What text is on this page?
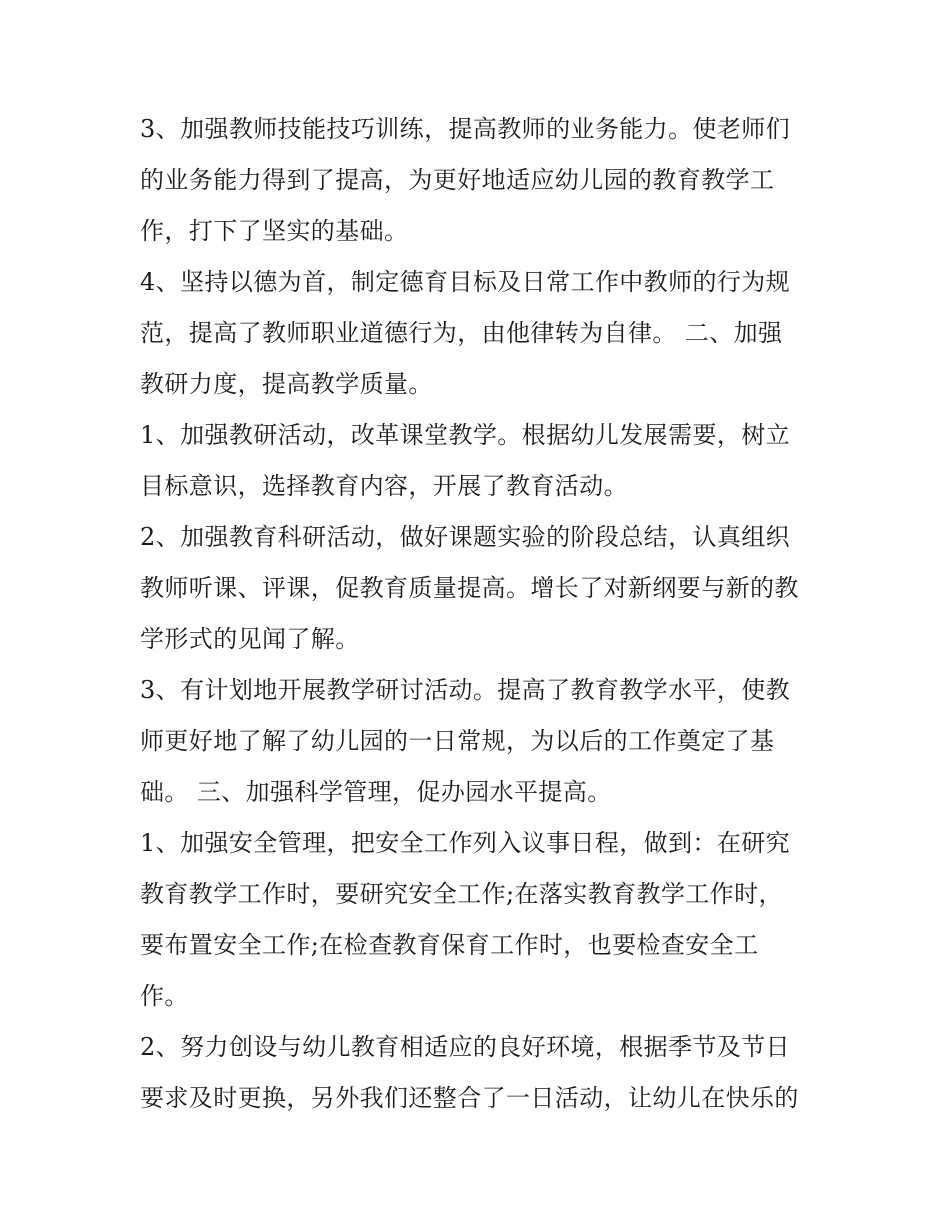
3、加强教师技能技巧训练，提高教师的业务能力。使老师们
的业务能力得到了提高，为更好地适应幼儿园的教育教学工
作，打下了坚实的基础。
4、坚持以德为首，制定德育目标及日常工作中教师的行为规
范，提高了教师职业道德行为，由他律转为自律。 二、加强
教研力度，提高教学质量。
1、加强教研活动，改革课堂教学。根据幼儿发展需要，树立
目标意识，选择教育内容，开展了教育活动。
2、加强教育科研活动，做好课题实验的阶段总结，认真组织
教师听课、评课，促教育质量提高。增长了对新纲要与新的教
学形式的见闻了解。
3、有计划地开展教学研讨活动。提高了教育教学水平，使教
师更好地了解了幼儿园的一日常规，为以后的工作奠定了基
础。 三、加强科学管理，促办园水平提高。
1、加强安全管理，把安全工作列入议事日程，做到：在研究
教育教学工作时，要研究安全工作;在落实教育教学工作时，
要布置安全工作;在检查教育保育工作时，也要检查安全工
作。
2、努力创设与幼儿教育相适应的良好环境，根据季节及节日
要求及时更换，另外我们还整合了一日活动，让幼儿在快乐的
